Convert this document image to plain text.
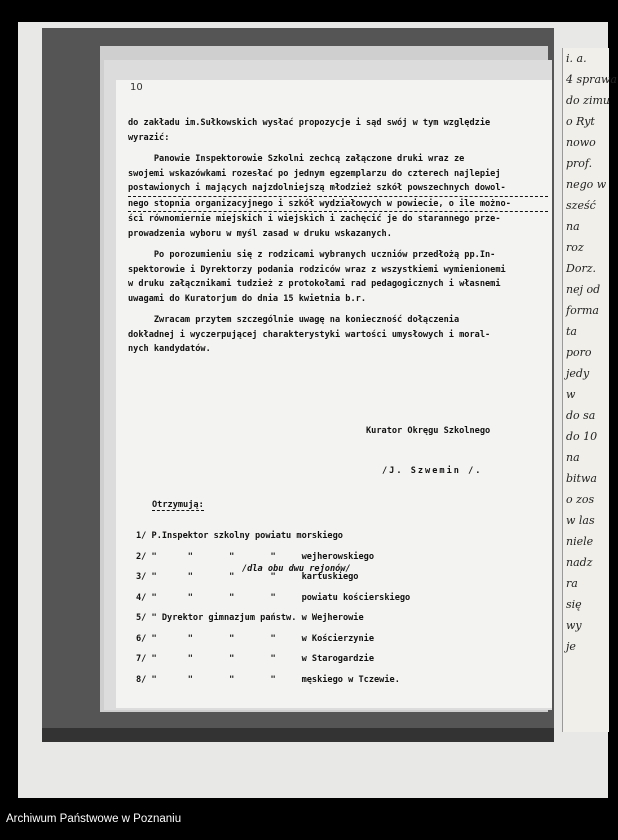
10

do zakładu im.Sułkowskich wysłać propozycje i sąd swój w tym względzie

wyrazić:

Panowie Inspektorowie Szkolni zechcą załączone druki wraz ze

swojemi wskazówkami rozesłać po jednym egzemplarzu do czterech najlepiej

postawionych i mających najzdolniejszą młodzież szkół powszechnych dowol-

nego stopnia organizacyjnego i szkół wydziałowych w powiecie, o ile możno-

ści równomiernie miejskich i wiejskich i zachęcić je do starannego prze-

prowadzenia wyboru w myśl zasad w druku wskazanych.

Po porozumieniu się z rodzicami wybranych uczniów przedłożą pp.In-

spektorowie i Dyrektorzy podania rodziców wraz z wszystkiemi wymienionemi

w druku załącznikami tudzież z protokołami rad pedagogicznych i własnemi

uwagami do Kuratorjum do dnia 15 kwietnia b.r.

Zwracam przytem szczególnie uwagę na konieczność dołączenia

dokładnej i wyczerpującej charakterystyki wartości umysłowych i moral-

nych kandydatów.

Kurator Okręgu Szkolnego
/J. Szwemin /.
Otrzymują:
1/ P.Inspektor szkolny powiatu morskiego
2/ "      "       "       "     wejherowskiego
3/ "      "       "       "     kartuskiego
4/ "      "       "       "     powiatu kościerskiego
5/ " Dyrektor gimnazjum państw. w Wejherowie
6/ "      "       "       "     w Kościerzynie
7/ "      "       "       "     w Starogardzie
8/ "      "       "       "     męskiego w Tczewie.
/dla obu dwu rejonów/
i. a.
4 sprawa
do zimu
o Ryt
nowo
prof.
nego w
sześć
na
roz
Dorz.
nej od
forma
ta
poro
jedy
w
do sa
do 10
na
bitwa
o zos
w las
niele
nadz
ra
się
wy
je
Archiwum Państwowe w Poznaniu
